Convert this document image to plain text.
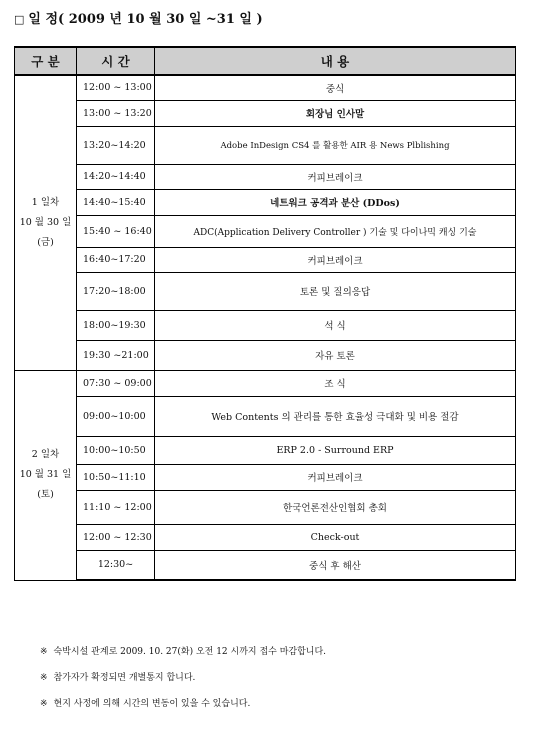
□ 일 정( 2009 년 10 월 30 일 ~31 일 )
구 분	시 간	내 용

1 일차
10 월 30 일
(금)	12:00 ~ 13:00	중식
	13:00 ~ 13:20	회장님 인사말
	13:20~14:20	Adobe InDesign CS4 를 활용한 AIR 용 News Plblishing
	14:20~14:40	커피브레이크
	14:40~15:40	네트워크 공격과 분산 (DDos)
	15:40 ~ 16:40	ADC(Application Delivery Controller ) 기술 및 다이나믹 캐싱 기술
	16:40~17:20	커피브레이크
	17:20~18:00	토론 및 질의응답
	18:00~19:30	석 식
	19:30 ~21:00	자유 토론

2 일차
10 월 31 일
(토)	07:30 ~ 09:00	조 식
	09:00~10:00	Web Contents 의 관리를 통한 효율성 극대화 및 비용 절감
	10:00~10:50	ERP 2.0 - Surround ERP
	10:50~11:10	커피브레이크
	11:10 ~ 12:00	한국언론전산인협회 총회
	12:00 ~ 12:30	Check-out
	12:30~	중식 후 해산
※ 숙박시설 관계로 2009. 10. 27(화) 오전 12 시까지 접수 마감합니다.
※ 참가자가 확정되면 개별통지 합니다.
※ 현지 사정에 의해 시간의 변동이 있을 수 있습니다.
